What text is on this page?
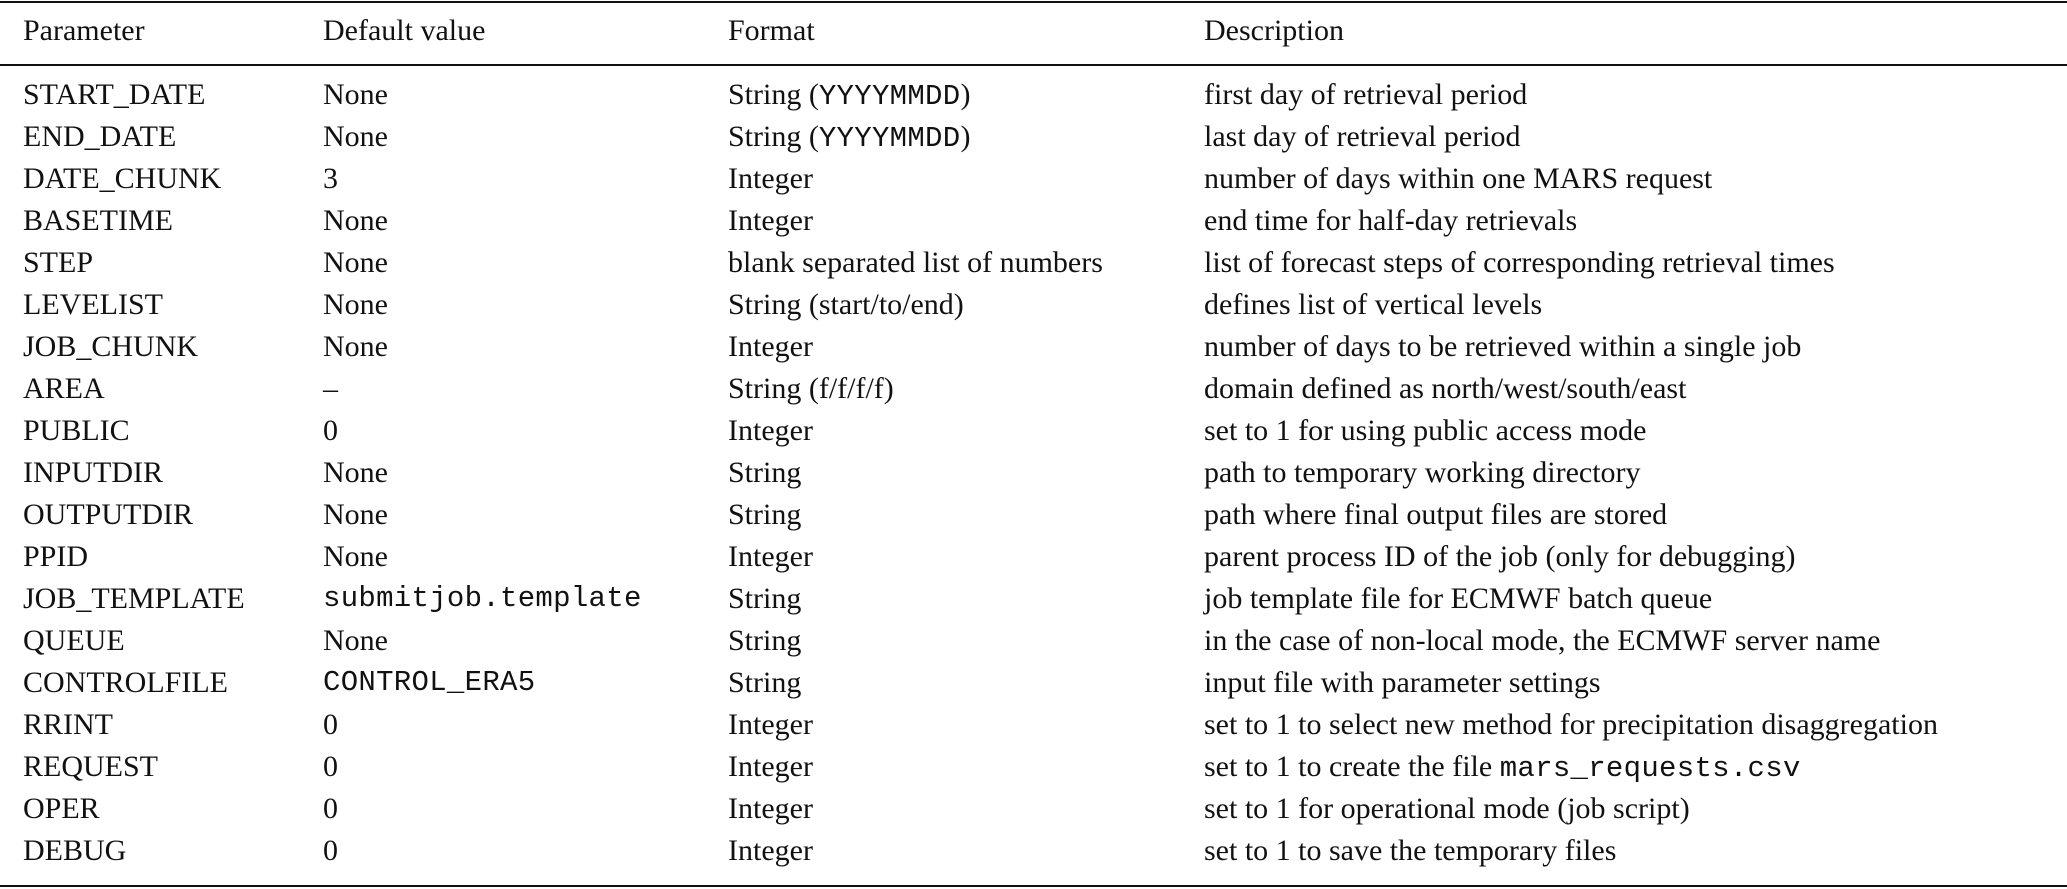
Parameter	Default value	Format	Description
START_DATE	None	String (YYYYMMDD)	first day of retrieval period
END_DATE	None	String (YYYYMMDD)	last day of retrieval period
DATE_CHUNK	3	Integer	number of days within one MARS request
BASETIME	None	Integer	end time for half-day retrievals
STEP	None	blank separated list of numbers	list of forecast steps of corresponding retrieval times
LEVELIST	None	String (start/to/end)	defines list of vertical levels
JOB_CHUNK	None	Integer	number of days to be retrieved within a single job
AREA	–	String (f/f/f/f)	domain defined as north/west/south/east
PUBLIC	0	Integer	set to 1 for using public access mode
INPUTDIR	None	String	path to temporary working directory
OUTPUTDIR	None	String	path where final output files are stored
PPID	None	Integer	parent process ID of the job (only for debugging)
JOB_TEMPLATE	submitjob.template	String	job template file for ECMWF batch queue
QUEUE	None	String	in the case of non-local mode, the ECMWF server name
CONTROLFILE	CONTROL_ERA5	String	input file with parameter settings
RRINT	0	Integer	set to 1 to select new method for precipitation disaggregation
REQUEST	0	Integer	set to 1 to create the file mars_requests.csv
OPER	0	Integer	set to 1 for operational mode (job script)
DEBUG	0	Integer	set to 1 to save the temporary files
